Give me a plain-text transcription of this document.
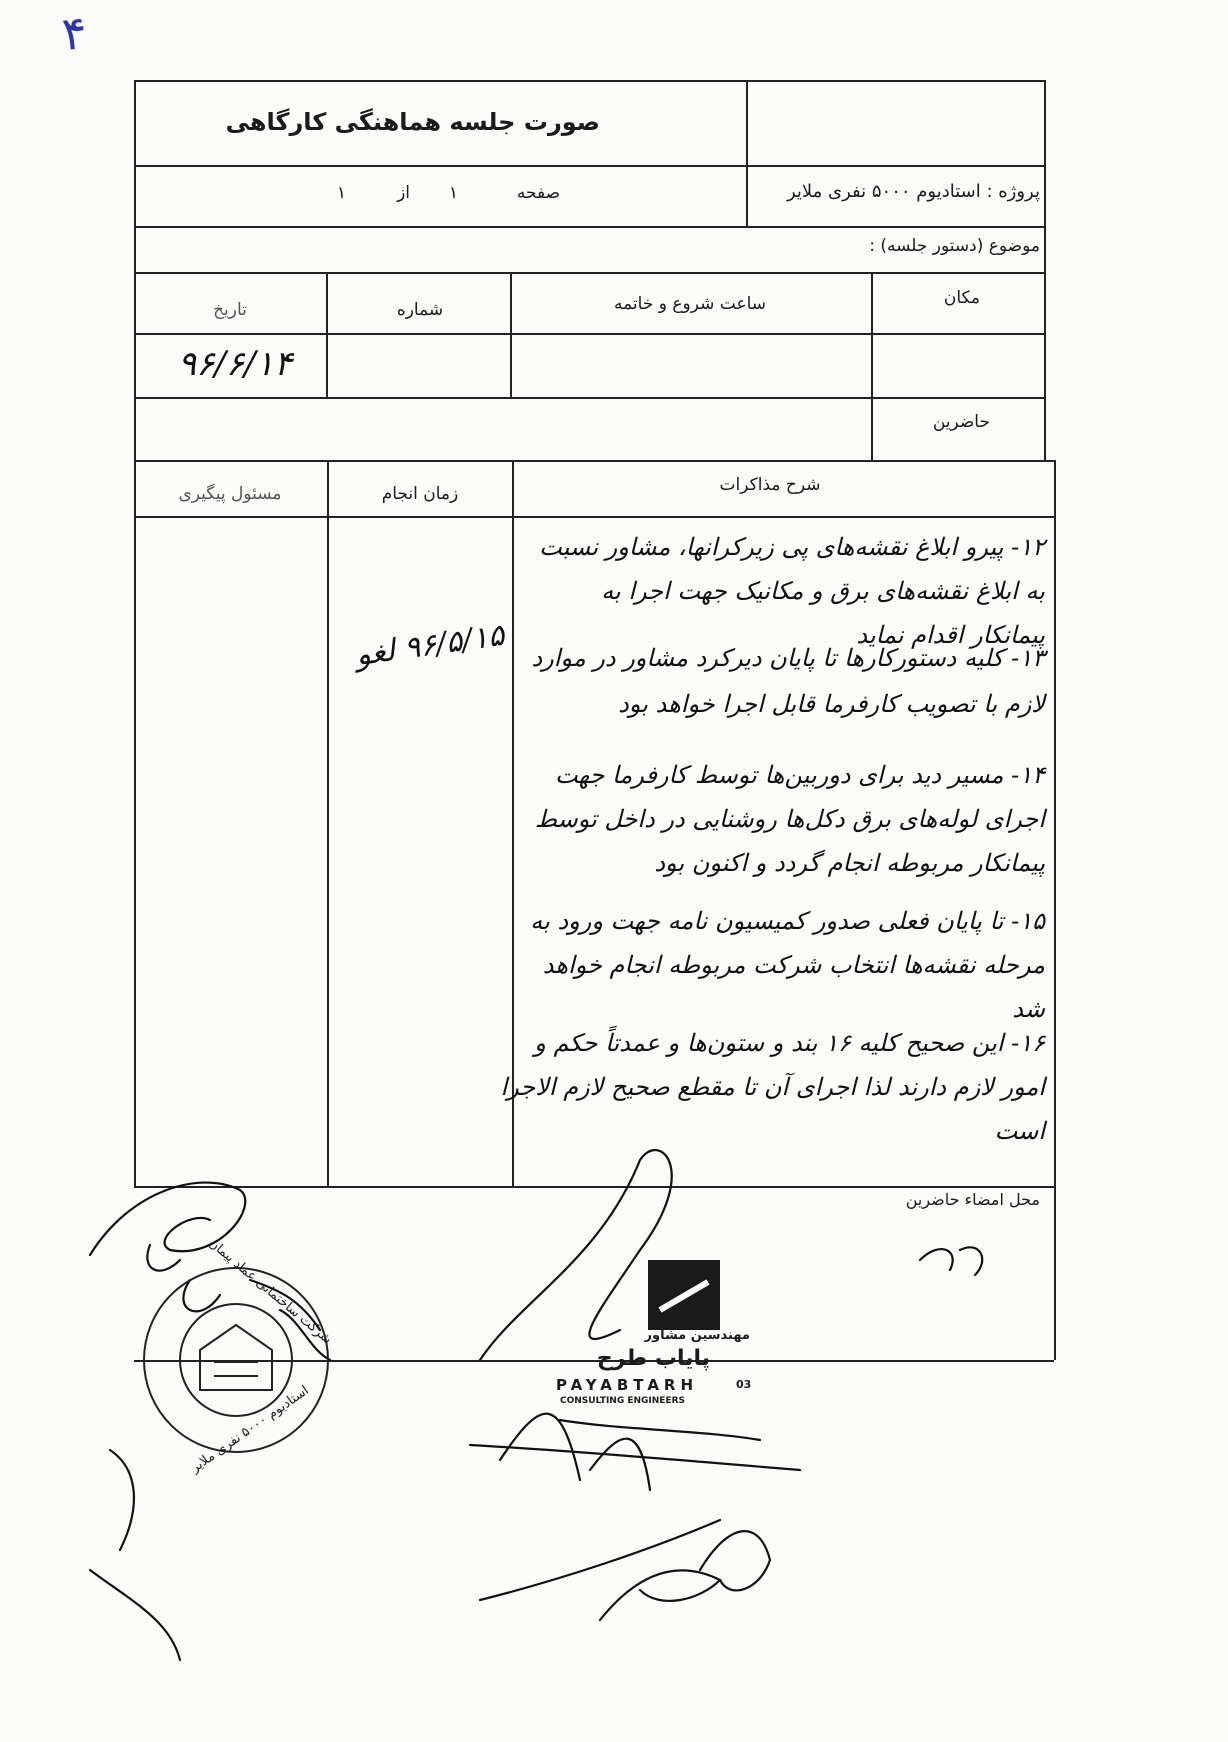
۴
صورت جلسه هماهنگی کارگاهی
پروژه : استادیوم ۵۰۰۰ نفری ملایر
صفحه
۱
از
۱
موضوع (دستور جلسه) :
مکان
ساعت شروع و خاتمه
شماره
تاریخ
۹۶/۶/۱۴
حاضرین
شرح مذاکرات
زمان انجام
مسئول پیگیری
۹۶/۵/۱۵ لغو
۱۲- پیرو ابلاغ نقشه‌های پی زیرکرانها، مشاور نسبت به ابلاغ نقشه‌های برق و مکانیک جهت اجرا به پیمانکار اقدام نماید
۱۳- کلیه دستورکارها تا پایان دیرکرد مشاور در موارد لازم با تصویب کارفرما قابل اجرا خواهد بود
۱۴- مسیر دید برای دوربین‌ها توسط کارفرما جهت اجرای لوله‌های برق دکل‌ها روشنایی در داخل توسط پیمانکار مربوطه انجام گردد و اکنون بود
۱۵- تا پایان فعلی صدور کمیسیون نامه جهت ورود به مرحله نقشه‌ها انتخاب شرکت مربوطه انجام خواهد شد
۱۶- این صحیح کلیه ۱۶ بند و ستون‌ها و عمدتاً حکم و امور لازم دارند لذا اجرای آن تا مقطع صحیح لازم الاجرا است
محل امضاء حاضرین
مهندسین مشاور
پایاب طرح
PAYABTARH	03
CONSULTING ENGINEERS
شرکت ساختمانی عماد پیمان
استادیوم ۵۰۰۰ نفری ملایر
